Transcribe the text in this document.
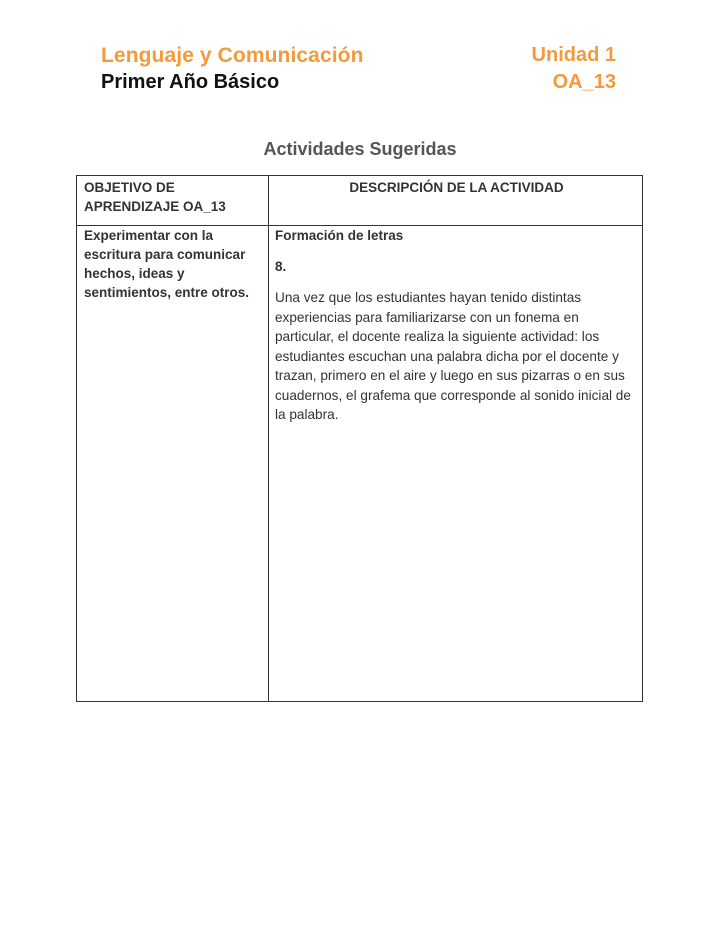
Lenguaje y Comunicación
Primer Año Básico
Unidad 1
OA_13
Actividades Sugeridas
OBJETIVO DE APRENDIZAJE OA_13
DESCRIPCIÓN DE LA ACTIVIDAD
Experimentar con la escritura para comunicar hechos, ideas y sentimientos, entre otros.
Formación de letras
8.
Una vez que los estudiantes hayan tenido distintas experiencias para familiarizarse con un fonema en particular, el docente realiza la siguiente actividad: los estudiantes escuchan una palabra dicha por el docente y trazan, primero en el aire y luego en sus pizarras o en sus cuadernos, el grafema que corresponde al sonido inicial de la palabra.
